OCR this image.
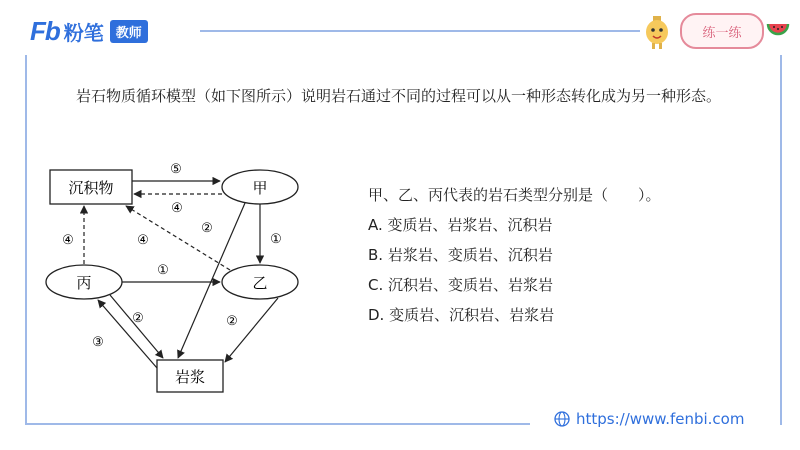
Fb 粉笔 教师	练一练
岩石物质循环模型（如下图所示）说明岩石通过不同的过程可以从一种形态转化成为另一种形态。
沉积物	甲
丙	乙
岩浆
⑤
④
④
④
②
①
①
②
③
②
甲、乙、丙代表的岩石类型分别是（　　）。
A. 变质岩、岩浆岩、沉积岩
B. 岩浆岩、变质岩、沉积岩
C. 沉积岩、变质岩、岩浆岩
D. 变质岩、沉积岩、岩浆岩
https://www.fenbi.com
